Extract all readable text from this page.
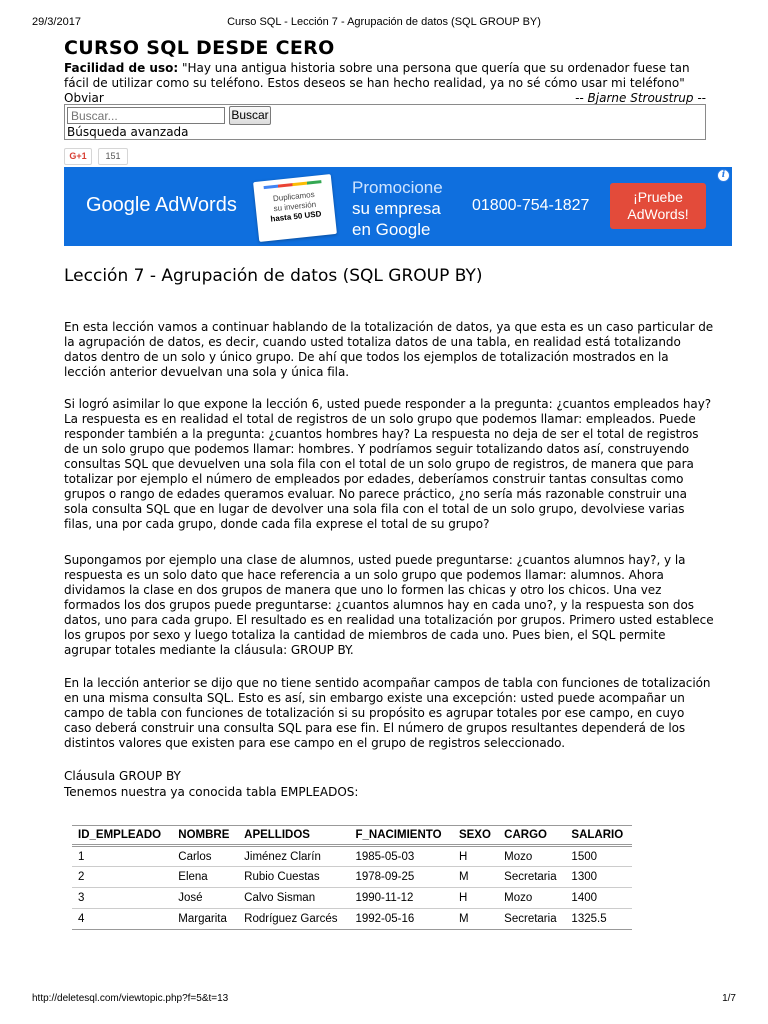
29/3/2017	Curso SQL - Lección 7 - Agrupación de datos (SQL GROUP BY)
CURSO SQL DESDE CERO
Facilidad de uso: "Hay una antigua historia sobre una persona que quería que su ordenador fuese tan fácil de utilizar como su teléfono. Estos deseos se han hecho realidad, ya no sé cómo usar mi teléfono"
Obviar	-- Bjarne Stroustrup --
Buscar...
Buscar
Búsqueda avanzada
G+1	151
i
Google AdWords	Duplicamos
su inversión
hasta 50 USD
Promocione
su empresa
en Google
01800-754-1827	¡Pruebe
AdWords!
Lección 7 - Agrupación de datos (SQL GROUP BY)

En esta lección vamos a continuar hablando de la totalización de datos, ya que esta es un caso particular de la agrupación de datos, es decir, cuando usted totaliza datos de una tabla, en realidad está totalizando datos dentro de un solo y único grupo. De ahí que todos los ejemplos de totalización mostrados en la lección anterior devuelvan una sola y única fila.

Si logró asimilar lo que expone la lección 6, usted puede responder a la pregunta: ¿cuantos empleados hay? La respuesta es en realidad el total de registros de un solo grupo que podemos llamar: empleados. Puede responder también a la pregunta: ¿cuantos hombres hay? La respuesta no deja de ser el total de registros de un solo grupo que podemos llamar: hombres. Y podríamos seguir totalizando datos así, construyendo consultas SQL que devuelven una sola fila con el total de un solo grupo de registros, de manera que para totalizar por ejemplo el número de empleados por edades, deberíamos construir tantas consultas como grupos o rango de edades queramos evaluar. No parece práctico, ¿no sería más razonable construir una sola consulta SQL que en lugar de devolver una sola fila con el total de un solo grupo, devolviese varias filas, una por cada grupo, donde cada fila exprese el total de su grupo?

Supongamos por ejemplo una clase de alumnos, usted puede preguntarse: ¿cuantos alumnos hay?, y la respuesta es un solo dato que hace referencia a un solo grupo que podemos llamar: alumnos. Ahora dividamos la clase en dos grupos de manera que uno lo formen las chicas y otro los chicos. Una vez formados los dos grupos puede preguntarse: ¿cuantos alumnos hay en cada uno?, y la respuesta son dos datos, uno para cada grupo. El resultado es en realidad una totalización por grupos. Primero usted establece los grupos por sexo y luego totaliza la cantidad de miembros de cada uno. Pues bien, el SQL permite agrupar totales mediante la cláusula: GROUP BY.

En la lección anterior se dijo que no tiene sentido acompañar campos de tabla con funciones de totalización en una misma consulta SQL. Esto es así, sin embargo existe una excepción: usted puede acompañar un campo de tabla con funciones de totalización si su propósito es agrupar totales por ese campo, en cuyo caso deberá construir una consulta SQL para ese fin. El número de grupos resultantes dependerá de los distintos valores que existen para ese campo en el grupo de registros seleccionado.

Cláusula GROUP BY
Tenemos nuestra ya conocida tabla EMPLEADOS:
ID_EMPLEADO	NOMBRE	APELLIDOS	F_NACIMIENTO	SEXO	CARGO	SALARIO
1	Carlos	Jiménez Clarín	1985-05-03	H	Mozo	1500
2	Elena	Rubio Cuestas	1978-09-25	M	Secretaria	1300
3	José	Calvo Sisman	1990-11-12	H	Mozo	1400
4	Margarita	Rodríguez Garcés	1992-05-16	M	Secretaria	1325.5
http://deletesql.com/viewtopic.php?f=5&t=13	1/7
